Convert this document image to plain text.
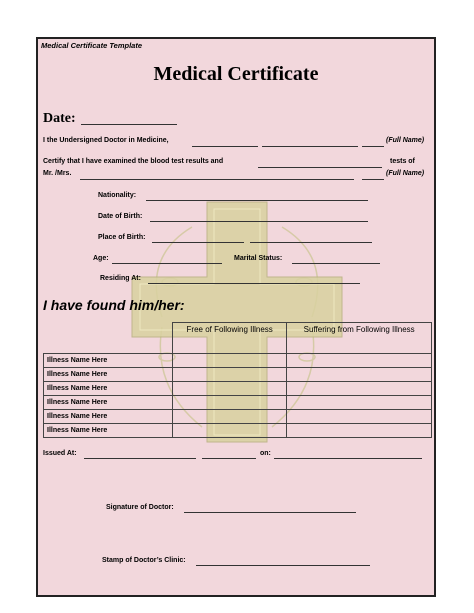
Medical Certificate Template
Medical Certificate
Date:
I the Undersigned Doctor in Medicine,	(Full Name)
Certify that I have examined the blood test results and	tests of
Mr. /Mrs.	(Full Name)
Nationality:
Date of Birth:
Place of Birth:
Age:	Marital Status:
Residing At:
I have found him/her:
	Free of Following Illness	Suffering from Following Illness
Illness Name Here		
Illness Name Here		
Illness Name Here		
Illness Name Here		
Illness Name Here		
Illness Name Here		
Issued At:	on:
Signature of Doctor:
Stamp of Doctor’s Clinic:
